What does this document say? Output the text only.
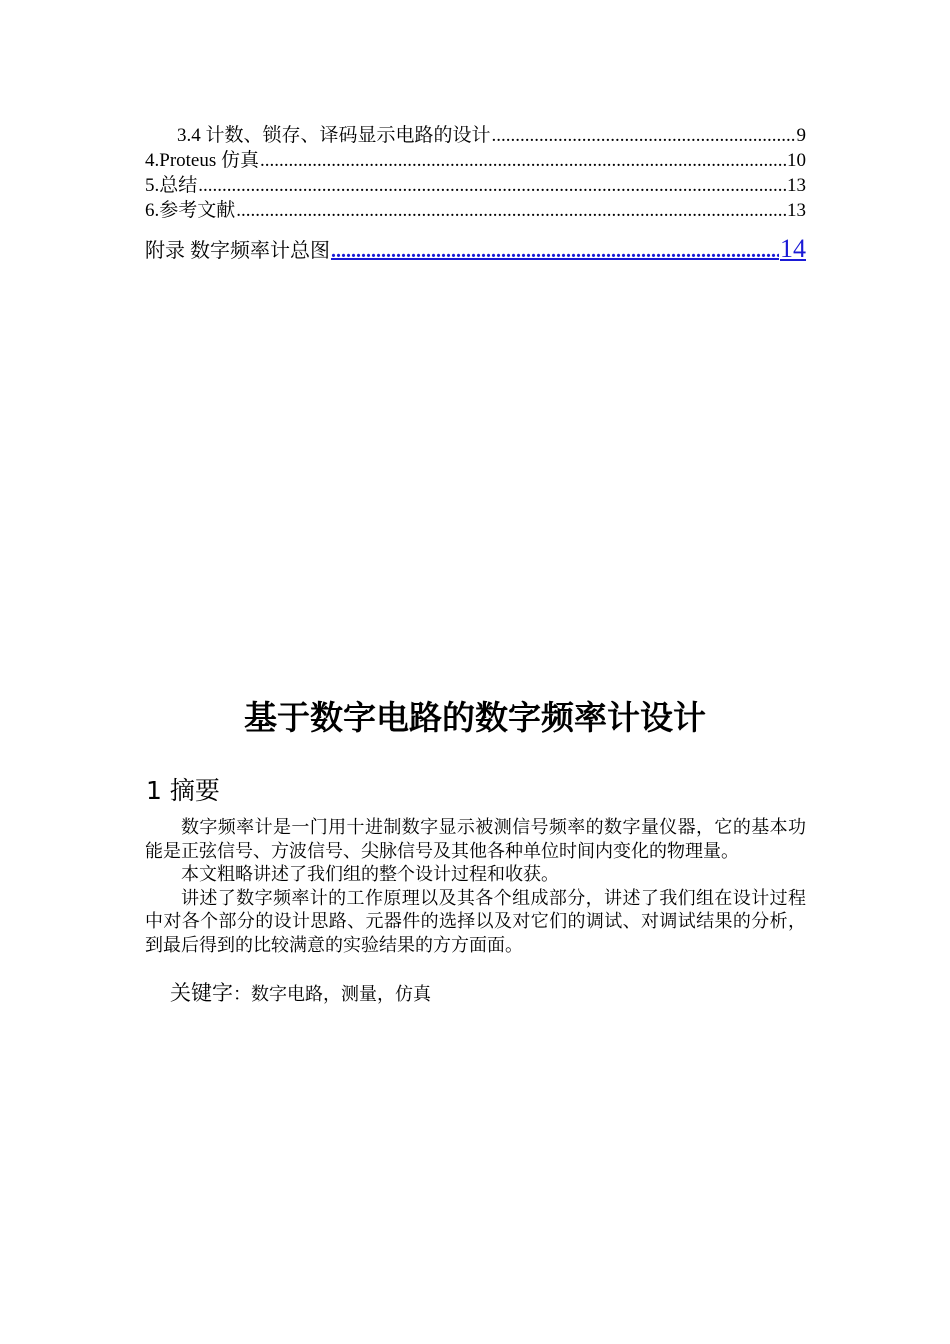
3.4 计数、锁存、译码显示电路的设计 .....	9
4.Proteus 仿真 .....	10
5.总结 .....	13
6.参考文献 .....	13
附录 数字频率计总图 .....	14
基于数字电路的数字频率计设计
1 摘要

数字频率计是一门用十进制数字显示被测信号频率的数字量仪器，它的基本功能是正弦信号、方波信号、尖脉信号及其他各种单位时间内变化的物理量。

本文粗略讲述了我们组的整个设计过程和收获。

讲述了数字频率计的工作原理以及其各个组成部分，讲述了我们组在设计过程中对各个部分的设计思路、元器件的选择以及对它们的调试、对调试结果的分析，到最后得到的比较满意的实验结果的方方面面。

关键字：数字电路，测量，仿真
